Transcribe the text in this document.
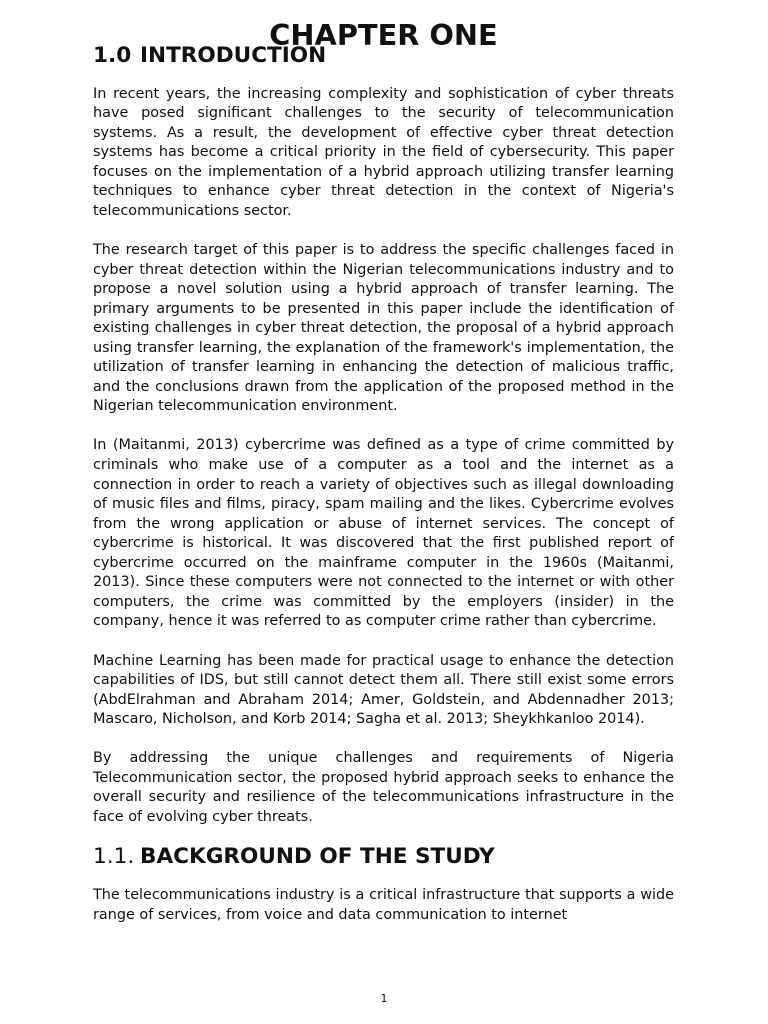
CHAPTER ONE
1.0 INTRODUCTION

In recent years, the increasing complexity and sophistication of cyber threats have posed significant challenges to the security of telecommunication systems. As a result, the development of effective cyber threat detection systems has become a critical priority in the field of cybersecurity. This paper focuses on the implementation of a hybrid approach utilizing transfer learning techniques to enhance cyber threat detection in the context of Nigeria's telecommunications sector.

The research target of this paper is to address the specific challenges faced in cyber threat detection within the Nigerian telecommunications industry and to propose a novel solution using a hybrid approach of transfer learning. The primary arguments to be presented in this paper include the identification of existing challenges in cyber threat detection, the proposal of a hybrid approach using transfer learning, the explanation of the framework's implementation, the utilization of transfer learning in enhancing the detection of malicious traffic, and the conclusions drawn from the application of the proposed method in the Nigerian telecommunication environment.

In (Maitanmi, 2013) cybercrime was defined as a type of crime committed by criminals who make use of a computer as a tool and the internet as a connection in order to reach a variety of objectives such as illegal downloading of music files and films, piracy, spam mailing and the likes. Cybercrime evolves from the wrong application or abuse of internet services. The concept of cybercrime is historical. It was discovered that the first published report of cybercrime occurred on the mainframe computer in the 1960s (Maitanmi, 2013). Since these computers were not connected to the internet or with other computers, the crime was committed by the employers (insider) in the company, hence it was referred to as computer crime rather than cybercrime.

Machine Learning has been made for practical usage to enhance the detection capabilities of IDS, but still cannot detect them all. There still exist some errors (AbdElrahman and Abraham 2014; Amer, Goldstein, and Abdennadher 2013; Mascaro, Nicholson, and Korb 2014; Sagha et al. 2013; Sheykhkanloo 2014).

By addressing the unique challenges and requirements of Nigeria Telecommunication sector, the proposed hybrid approach seeks to enhance the overall security and resilience of the telecommunications infrastructure in the face of evolving cyber threats.

1.1. BACKGROUND OF THE STUDY

The telecommunications industry is a critical infrastructure that supports a wide range of services, from voice and data communication to internet

1
